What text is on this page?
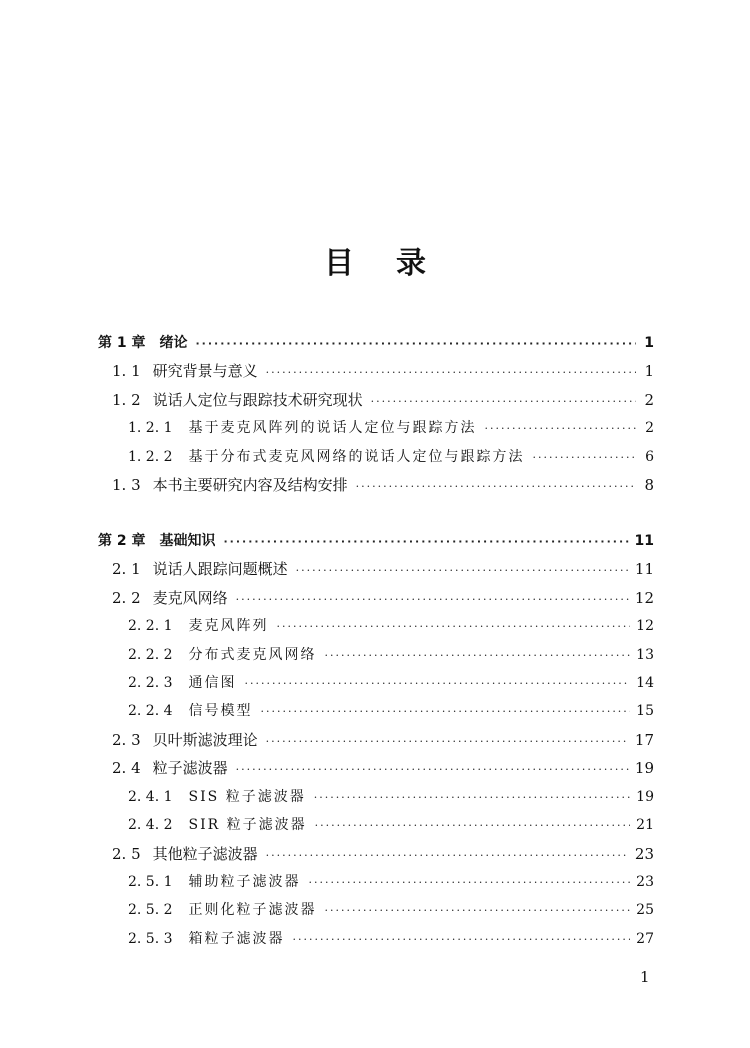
目录
第 1 章 绪论 ·····	1
1. 1 研究背景与意义 ·····	1
1. 2 说话人定位与跟踪技术研究现状 ·····	2
1. 2. 1 基于麦克风阵列的说话人定位与跟踪方法 ·····	2
1. 2. 2 基于分布式麦克风网络的说话人定位与跟踪方法 ·····	6
1. 3 本书主要研究内容及结构安排 ·····	8
第 2 章 基础知识 ·····	11
2. 1 说话人跟踪问题概述 ·····	11
2. 2 麦克风网络 ·····	12
2. 2. 1 麦克风阵列 ·····	12
2. 2. 2 分布式麦克风网络 ·····	13
2. 2. 3 通信图 ·····	14
2. 2. 4 信号模型 ·····	15
2. 3 贝叶斯滤波理论 ·····	17
2. 4 粒子滤波器 ·····	19
2. 4. 1 SIS 粒子滤波器 ·····	19
2. 4. 2 SIR 粒子滤波器 ·····	21
2. 5 其他粒子滤波器 ·····	23
2. 5. 1 辅助粒子滤波器 ·····	23
2. 5. 2 正则化粒子滤波器 ·····	25
2. 5. 3 箱粒子滤波器 ·····	27
1
